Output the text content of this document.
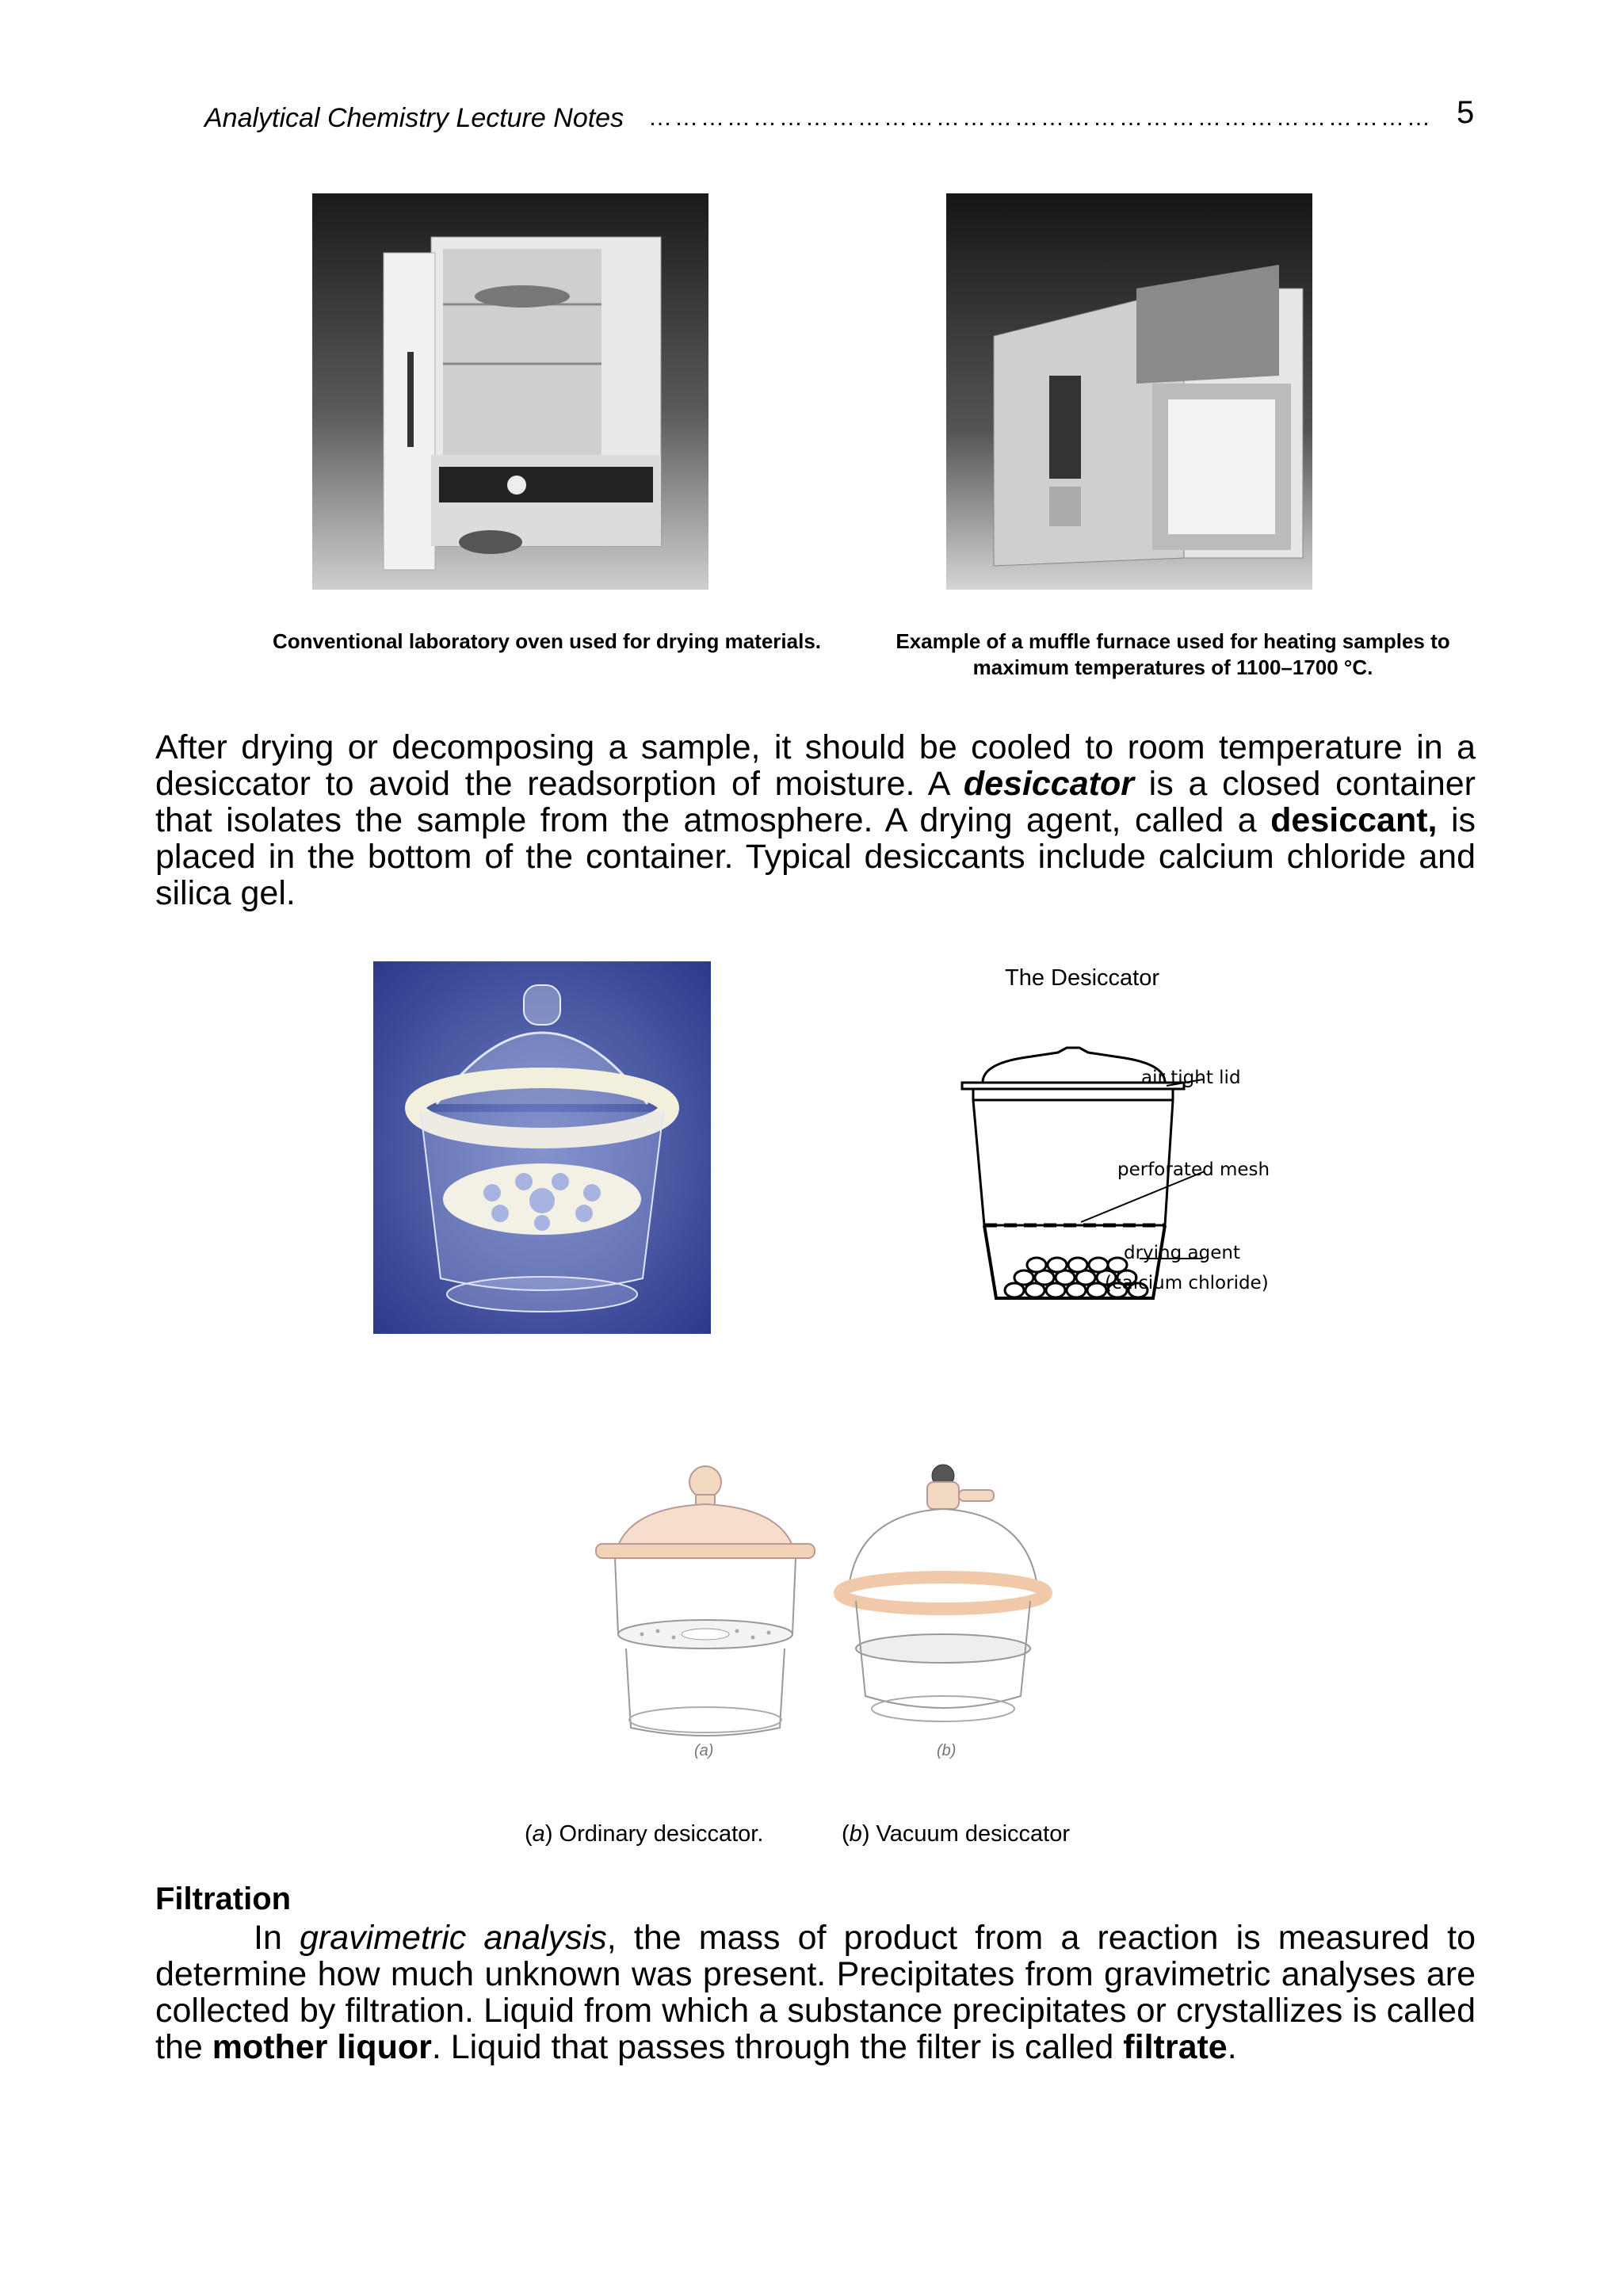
Analytical Chemistry Lecture Notes ……………………………………………………………………………… 5
Conventional laboratory oven used for drying materials.	Example of a muffle furnace used for heating samples to
maximum temperatures of 1100–1700 °C.
After drying or decomposing a sample, it should be cooled to room temperature in a desiccator to avoid the readsorption of moisture. A desiccator is a closed container that isolates the sample from the atmosphere. A drying agent, called a desiccant, is placed in the bottom of the container. Typical desiccants include calcium chloride and silica gel.
The Desiccator
air tight lid
perforated mesh
drying agent
(calcium chloride)
(a)	(b)
(a) Ordinary desiccator.	(b) Vacuum desiccator
Filtration
In gravimetric analysis, the mass of product from a reaction is measured to determine how much unknown was present. Precipitates from gravimetric analyses are collected by filtration. Liquid from which a substance precipitates or crystallizes is called the mother liquor. Liquid that passes through the filter is called filtrate.
